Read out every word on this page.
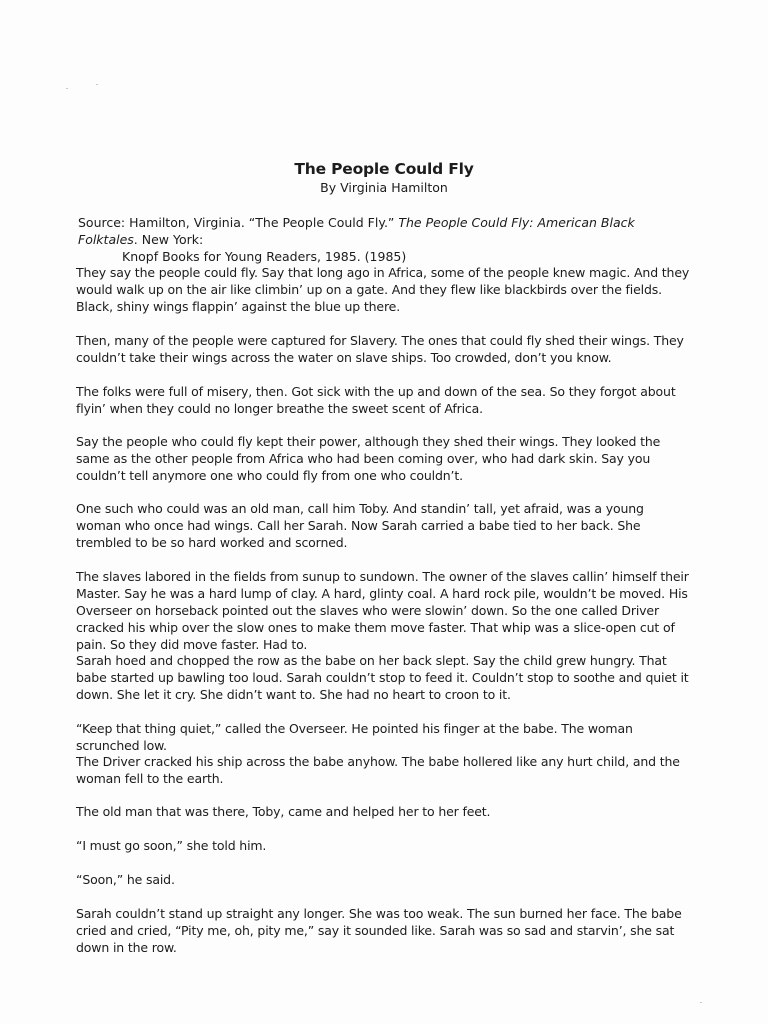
The People Could Fly
By Virginia Hamilton
Source: Hamilton, Virginia. “The People Could Fly.” The People Could Fly: American Black Folktales. New York:
Knopf Books for Young Readers, 1985. (1985)

They say the people could fly. Say that long ago in Africa, some of the people knew magic. And they would walk up on the air like climbin’ up on a gate. And they flew like blackbirds over the fields. Black, shiny wings flappin’ against the blue up there.

Then, many of the people were captured for Slavery. The ones that could fly shed their wings. They couldn’t take their wings across the water on slave ships. Too crowded, don’t you know.

The folks were full of misery, then. Got sick with the up and down of the sea. So they forgot about flyin’ when they could no longer breathe the sweet scent of Africa.

Say the people who could fly kept their power, although they shed their wings. They looked the same as the other people from Africa who had been coming over, who had dark skin. Say you couldn’t tell anymore one who could fly from one who couldn’t.

One such who could was an old man, call him Toby. And standin’ tall, yet afraid, was a young woman who once had wings. Call her Sarah. Now Sarah carried a babe tied to her back. She trembled to be so hard worked and scorned.

The slaves labored in the fields from sunup to sundown. The owner of the slaves callin’ himself their Master. Say he was a hard lump of clay. A hard, glinty coal. A hard rock pile, wouldn’t be moved. His Overseer on horseback pointed out the slaves who were slowin’ down. So the one called Driver cracked his whip over the slow ones to make them move faster. That whip was a slice-open cut of pain. So they did move faster. Had to.

Sarah hoed and chopped the row as the babe on her back slept. Say the child grew hungry. That babe started up bawling too loud. Sarah couldn’t stop to feed it. Couldn’t stop to soothe and quiet it down. She let it cry. She didn’t want to. She had no heart to croon to it.

“Keep that thing quiet,” called the Overseer. He pointed his finger at the babe. The woman scrunched low.

The Driver cracked his ship across the babe anyhow. The babe hollered like any hurt child, and the woman fell to the earth.

The old man that was there, Toby, came and helped her to her feet.

“I must go soon,” she told him.

“Soon,” he said.

Sarah couldn’t stand up straight any longer. She was too weak. The sun burned her face. The babe cried and cried, “Pity me, oh, pity me,” say it sounded like. Sarah was so sad and starvin’, she sat down in the row.
